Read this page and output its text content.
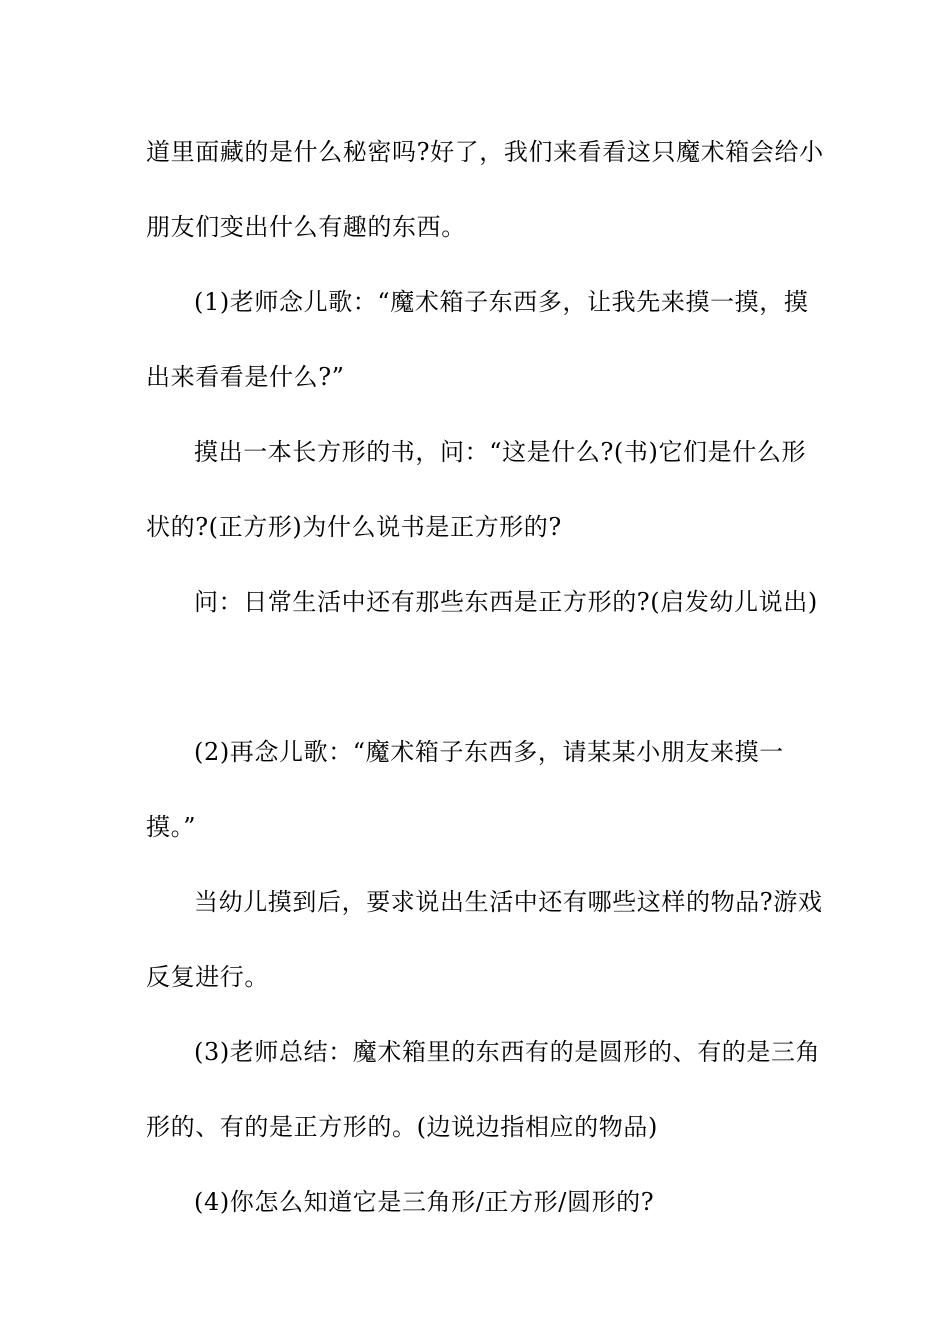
道里面藏的是什么秘密吗?好了，我们来看看这只魔术箱会给小
朋友们变出什么有趣的东西。
(1)老师念儿歌：“魔术箱子东西多，让我先来摸一摸，摸
出来看看是什么?”
摸出一本长方形的书，问：“这是什么?(书)它们是什么形
状的?(正方形)为什么说书是正方形的?
问：日常生活中还有那些东西是正方形的?(启发幼儿说出)
(2)再念儿歌：“魔术箱子东西多，请某某小朋友来摸一
摸。”
当幼儿摸到后，要求说出生活中还有哪些这样的物品?游戏
反复进行。
(3)老师总结：魔术箱里的东西有的是圆形的、有的是三角
形的、有的是正方形的。(边说边指相应的物品)
(4)你怎么知道它是三角形/正方形/圆形的?
